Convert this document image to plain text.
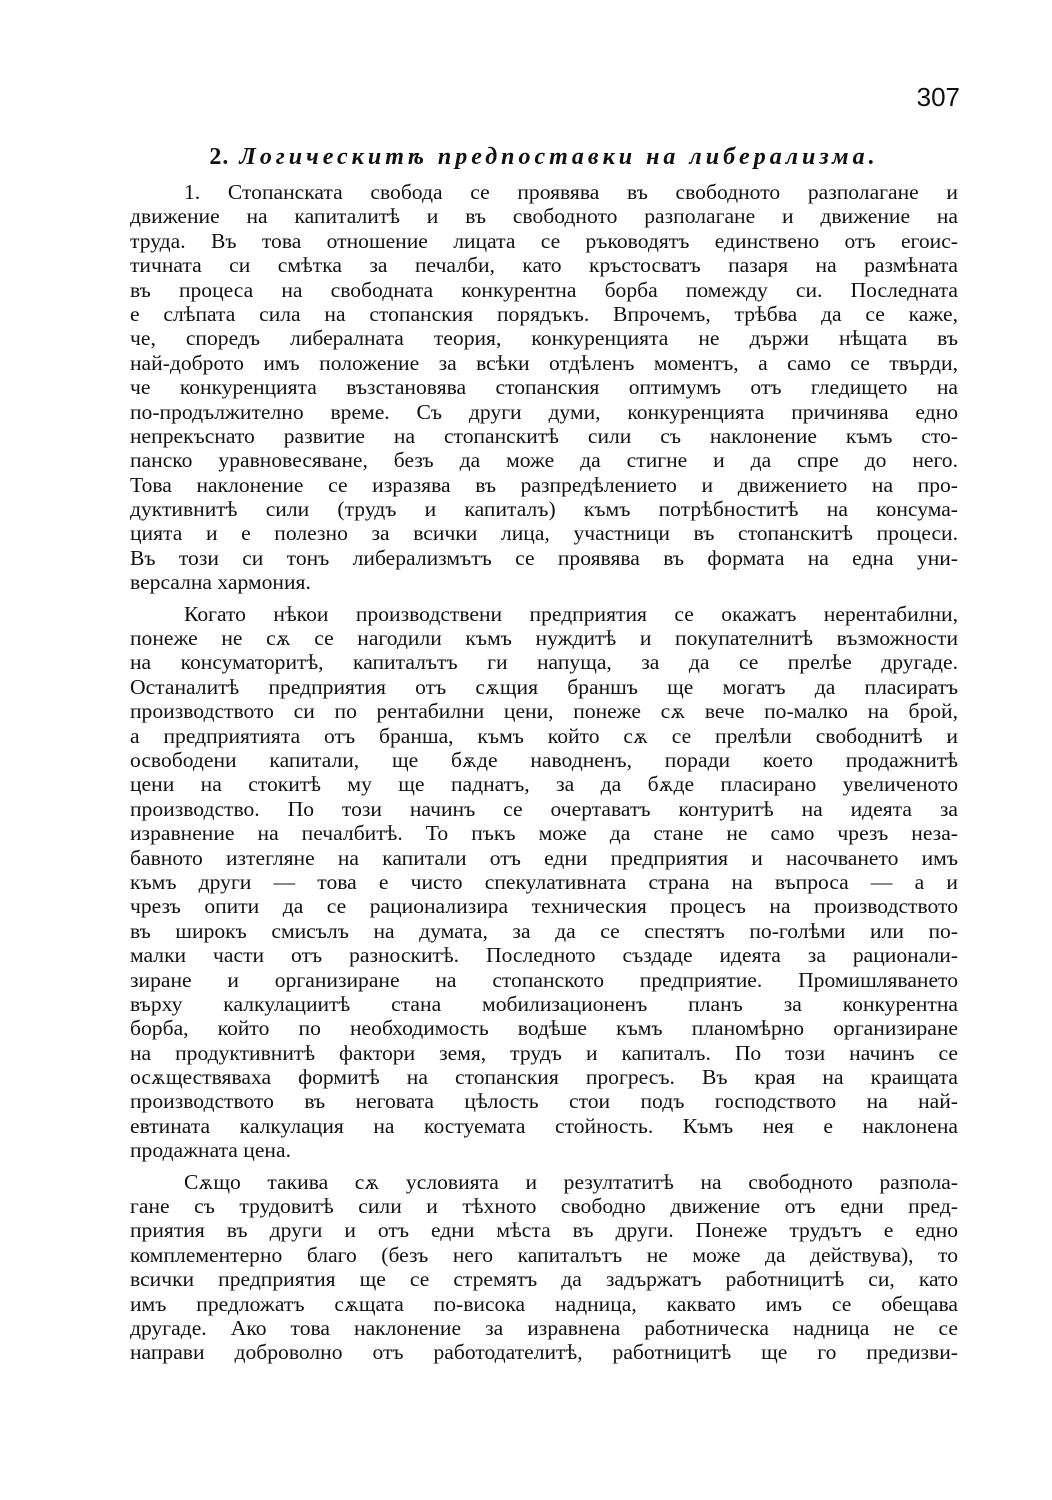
307
2. Логическитѣ предпоставки на либерализма.

1. Стопанската свобода се проявява въ свободното разполагане и
движение на капиталитѣ и въ свободното разполагане и движение на
труда. Въ това отношение лицата се ръководятъ единствено отъ егоис-
тичната си смѣтка за печалби, като кръстосватъ пазаря на размѣната
въ процеса на свободната конкурентна борба помежду си. Последната
е слѣпата сила на стопанския порядъкъ. Впрочемъ, трѣбва да се каже,
че, споредъ либералната теория, конкуренцията не държи нѣщата въ
най-доброто имъ положение за всѣки отдѣленъ моментъ, а само се твърди,
че конкуренцията възстановява стопанския оптимумъ отъ гледището на
по-продължително време. Съ други думи, конкуренцията причинява едно
непрекъснато развитие на стопанскитѣ сили съ наклонение къмъ сто-
панско уравновесяване, безъ да може да стигне и да спре до него.
Това наклонение се изразява въ разпредѣлението и движението на про-
дуктивнитѣ сили (трудъ и капиталъ) къмъ потрѣбноститѣ на консума-
цията и е полезно за всички лица, участници въ стопанскитѣ процеси.
Въ този си тонъ либерализмътъ се проявява въ формата на една уни-
версална хармония.

Когато нѣкои производствени предприятия се окажатъ нерентабилни,
понеже не сѫ се нагодили къмъ нуждитѣ и покупателнитѣ възможности
на консуматоритѣ, капиталътъ ги напуща, за да се прелѣе другаде.
Останалитѣ предприятия отъ сѫщия браншъ ще могатъ да пласиратъ
производството си по рентабилни цени, понеже сѫ вече по-малко на брой,
а предприятията отъ бранша, къмъ който сѫ се прелѣли свободнитѣ и
освободени капитали, ще бѫде наводненъ, поради което продажнитѣ
цени на стокитѣ му ще паднатъ, за да бѫде пласирано увеличеното
производство. По този начинъ се очертаватъ контуритѣ на идеята за
изравнение на печалбитѣ. То пъкъ може да стане не само чрезъ неза-
бавното изтегляне на капитали отъ едни предприятия и насочването имъ
къмъ други — това е чисто спекулативната страна на въпроса — а и
чрезъ опити да се рационализира техническия процесъ на производството
въ широкъ смисълъ на думата, за да се спестятъ по-голѣми или по-
малки части отъ разноскитѣ. Последното създаде идеята за рационали-
зиране и организиране на стопанското предприятие. Промишляването
върху калкулациитѣ стана мобилизационенъ планъ за конкурентна
борба, който по необходимость водѣше къмъ планомѣрно организиране
на продуктивнитѣ фактори земя, трудъ и капиталъ. По този начинъ се
осѫществяваха формитѣ на стопанския прогресъ. Въ края на краищата
производството въ неговата цѣлость стои подъ господството на най-
евтината калкулация на костуемата стойность. Къмъ нея е наклонена
продажната цена.

Сѫщо такива сѫ условията и резултатитѣ на свободното разпола-
гане съ трудовитѣ сили и тѣхното свободно движение отъ едни пред-
приятия въ други и отъ едни мѣста въ други. Понеже трудътъ е едно
комплементерно благо (безъ него капиталътъ не може да действува), то
всички предприятия ще се стремятъ да задържатъ работницитѣ си, като
имъ предложатъ сѫщата по-висока надница, каквато имъ се обещава
другаде. Ако това наклонение за изравнена работническа надница не се
направи доброволно отъ работодателитѣ, работницитѣ ще го предизви-
